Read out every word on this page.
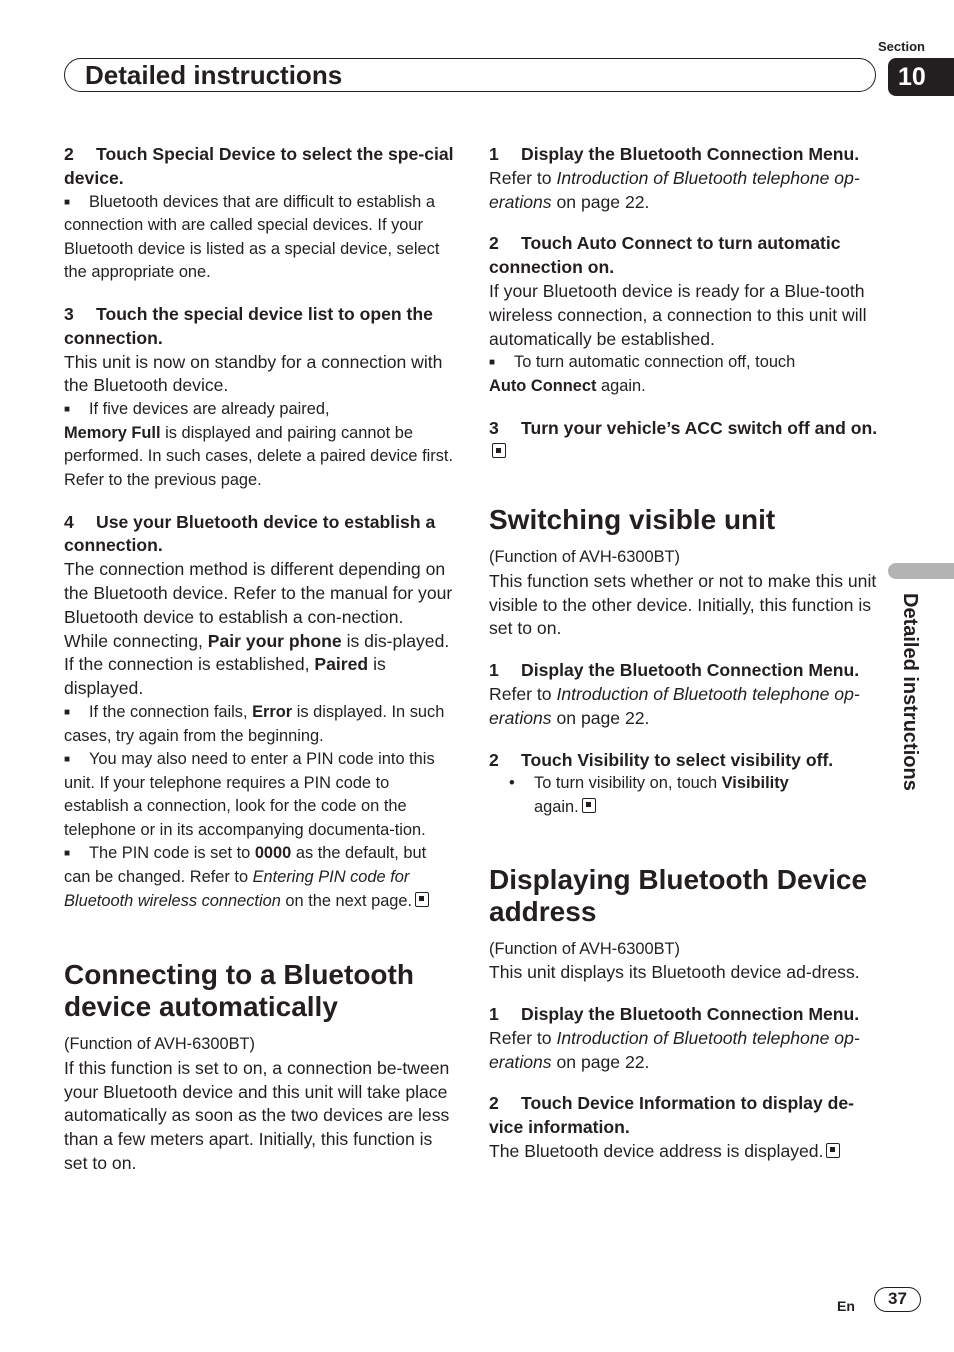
Section
10
Detailed instructions
Detailed instructions

2 Touch Special Device to select the spe-cial device.

■ Bluetooth devices that are difficult to establish a connection with are called special devices. If your Bluetooth device is listed as a special device, select the appropriate one.

3 Touch the special device list to open the connection.

This unit is now on standby for a connection with the Bluetooth device.

■ If five devices are already paired,
Memory Full is displayed and pairing cannot be performed. In such cases, delete a paired device first. Refer to the previous page.

4 Use your Bluetooth device to establish a connection.

The connection method is different depending on the Bluetooth device. Refer to the manual for your Bluetooth device to establish a con-nection.

While connecting, Pair your phone is dis-played. If the connection is established, Paired is displayed.

■ If the connection fails, Error is displayed. In such cases, try again from the beginning.

■ You may also need to enter a PIN code into this unit. If your telephone requires a PIN code to establish a connection, look for the code on the telephone or in its accompanying documenta-tion.

■ The PIN code is set to 0000 as the default, but can be changed. Refer to Entering PIN code for Bluetooth wireless connection on the next page.

Connecting to a Bluetooth device automatically

(Function of AVH-6300BT)

If this function is set to on, a connection be-tween your Bluetooth device and this unit will take place automatically as soon as the two devices are less than a few meters apart. Initially, this function is set to on.

1 Display the Bluetooth Connection Menu.

Refer to Introduction of Bluetooth telephone op-erations on page 22.

2 Touch Auto Connect to turn automatic connection on.

If your Bluetooth device is ready for a Blue-tooth wireless connection, a connection to this unit will automatically be established.

■ To turn automatic connection off, touch
Auto Connect again.

3 Turn your vehicle’s ACC switch off and on.

Switching visible unit

(Function of AVH-6300BT)

This function sets whether or not to make this unit visible to the other device. Initially, this function is set to on.

1 Display the Bluetooth Connection Menu.

Refer to Introduction of Bluetooth telephone op-erations on page 22.

2 Touch Visibility to select visibility off.

• To turn visibility on, touch Visibility
again.

Displaying Bluetooth Device address

(Function of AVH-6300BT)

This unit displays its Bluetooth device ad-dress.

1 Display the Bluetooth Connection Menu.

Refer to Introduction of Bluetooth telephone op-erations on page 22.

2 Touch Device Information to display de-vice information.

The Bluetooth device address is displayed.

En	37
